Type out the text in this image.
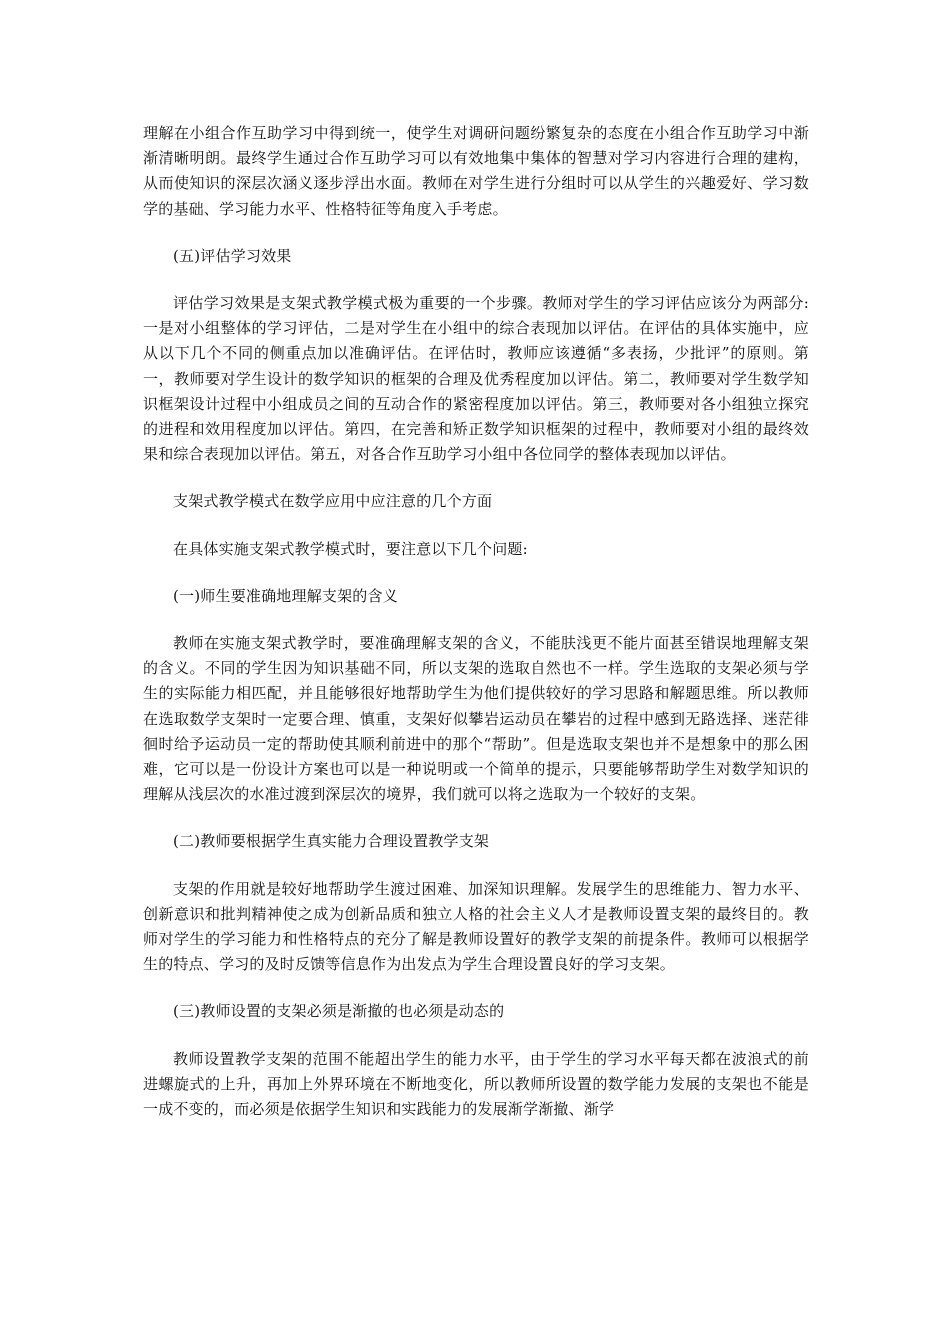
理解在小组合作互助学习中得到统一，使学生对调研问题纷繁复杂的态度在小组合作互助学习中渐渐清晰明朗。最终学生通过合作互助学习可以有效地集中集体的智慧对学习内容进行合理的建构，从而使知识的深层次涵义逐步浮出水面。教师在对学生进行分组时可以从学生的兴趣爱好、学习数学的基础、学习能力水平、性格特征等角度入手考虑。

(五)评估学习效果

评估学习效果是支架式教学模式极为重要的一个步骤。教师对学生的学习评估应该分为两部分:一是对小组整体的学习评估，二是对学生在小组中的综合表现加以评估。在评估的具体实施中，应从以下几个不同的侧重点加以准确评估。在评估时，教师应该遵循“多表扬，少批评”的原则。第一，教师要对学生设计的数学知识的框架的合理及优秀程度加以评估。第二，教师要对学生数学知识框架设计过程中小组成员之间的互动合作的紧密程度加以评估。第三，教师要对各小组独立探究的进程和效用程度加以评估。第四，在完善和矫正数学知识框架的过程中，教师要对小组的最终效果和综合表现加以评估。第五，对各合作互助学习小组中各位同学的整体表现加以评估。

支架式教学模式在数学应用中应注意的几个方面

在具体实施支架式教学模式时，要注意以下几个问题:

(一)师生要准确地理解支架的含义

教师在实施支架式教学时，要准确理解支架的含义，不能肤浅更不能片面甚至错误地理解支架的含义。不同的学生因为知识基础不同，所以支架的选取自然也不一样。学生选取的支架必须与学生的实际能力相匹配，并且能够很好地帮助学生为他们提供较好的学习思路和解题思维。所以教师在选取数学支架时一定要合理、慎重，支架好似攀岩运动员在攀岩的过程中感到无路选择、迷茫徘徊时给予运动员一定的帮助使其顺利前进中的那个“帮助”。但是选取支架也并不是想象中的那么困难，它可以是一份设计方案也可以是一种说明或一个简单的提示，只要能够帮助学生对数学知识的理解从浅层次的水准过渡到深层次的境界，我们就可以将之选取为一个较好的支架。

(二)教师要根据学生真实能力合理设置教学支架

支架的作用就是较好地帮助学生渡过困难、加深知识理解。发展学生的思维能力、智力水平、创新意识和批判精神使之成为创新品质和独立人格的社会主义人才是教师设置支架的最终目的。教师对学生的学习能力和性格特点的充分了解是教师设置好的教学支架的前提条件。教师可以根据学生的特点、学习的及时反馈等信息作为出发点为学生合理设置良好的学习支架。

(三)教师设置的支架必须是渐撤的也必须是动态的

教师设置教学支架的范围不能超出学生的能力水平，由于学生的学习水平每天都在波浪式的前进螺旋式的上升，再加上外界环境在不断地变化，所以教师所设置的数学能力发展的支架也不能是一成不变的，而必须是依据学生知识和实践能力的发展渐学渐撤、渐学
